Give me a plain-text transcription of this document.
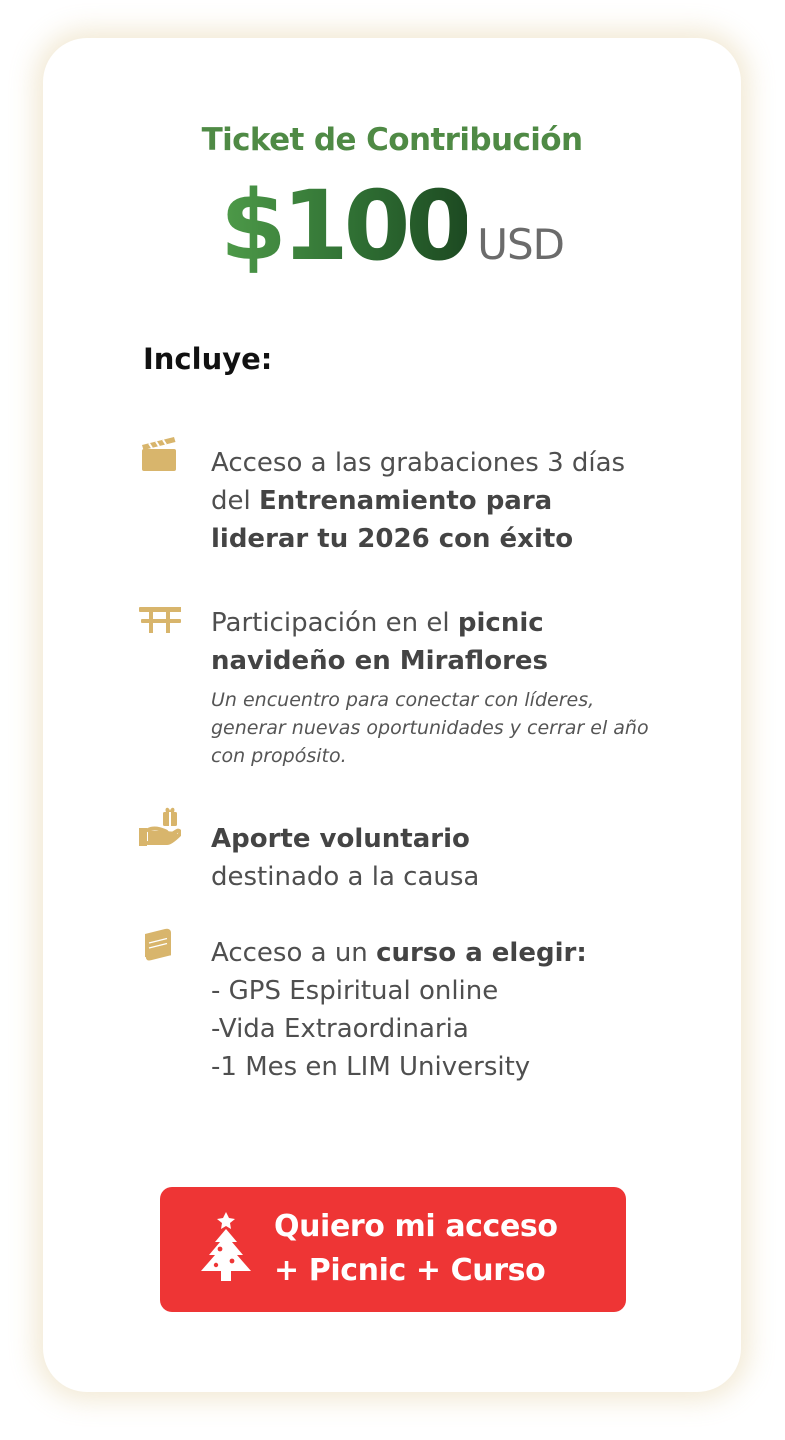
Ticket de Contribución
$100 USD
Incluye:
Acceso a las grabaciones 3 días del Entrenamiento para liderar tu 2026 con éxito
Participación en el picnic navideño en Miraflores
Un encuentro para conectar con líderes, generar nuevas oportunidades y cerrar el año con propósito.
Aporte voluntario
destinado a la causa
Acceso a un curso a elegir:
- GPS Espiritual online
-Vida Extraordinaria
-1 Mes en LIM University
Quiero mi acceso
+ Picnic + Curso
